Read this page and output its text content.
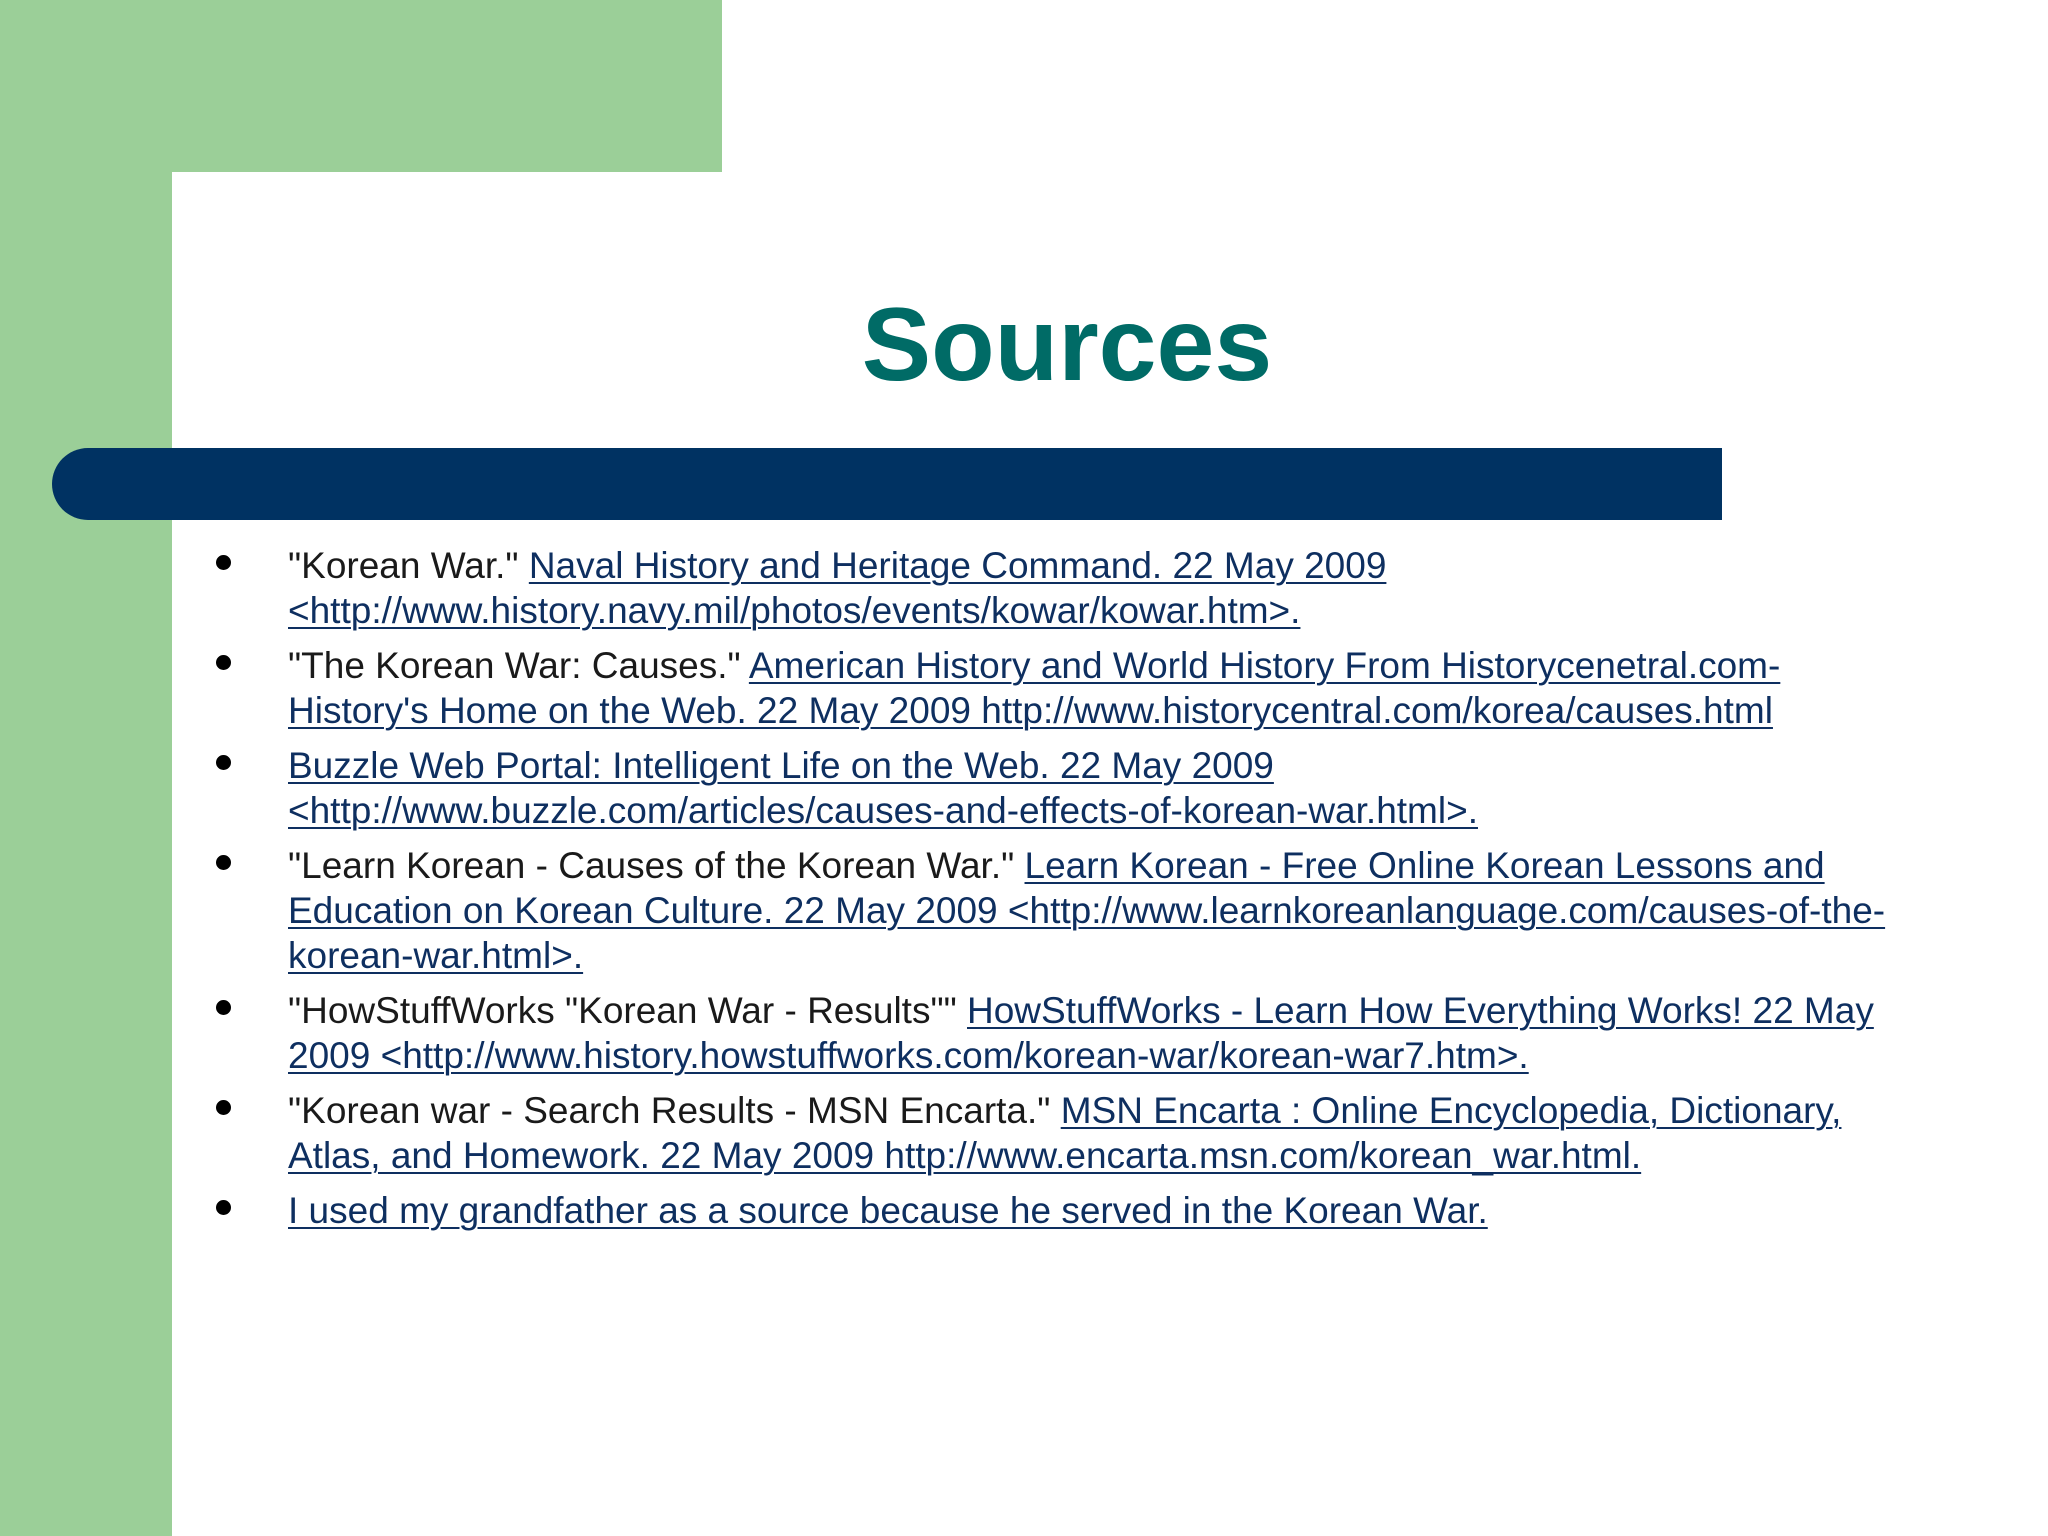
Sources
"Korean War." Naval History and Heritage Command. 22 May 2009 <http://www.history.navy.mil/photos/events/kowar/kowar.htm>.
"The Korean War: Causes." American History and World History From Historycenetral.com- History's Home on the Web. 22 May 2009 http://www.historycentral.com/korea/causes.html
Buzzle Web Portal: Intelligent Life on the Web. 22 May 2009 <http://www.buzzle.com/articles/causes-and-effects-of-korean-war.html>.
"Learn Korean - Causes of the Korean War." Learn Korean - Free Online Korean Lessons and Education on Korean Culture. 22 May 2009 <http://www.learnkoreanlanguage.com/causes-of-the-korean-war.html>.
"HowStuffWorks "Korean War - Results"" HowStuffWorks - Learn How Everything Works! 22 May 2009 <http://www.history.howstuffworks.com/korean-war/korean-war7.htm>.
"Korean war - Search Results - MSN Encarta." MSN Encarta : Online Encyclopedia, Dictionary, Atlas, and Homework. 22 May 2009 http://www.encarta.msn.com/korean_war.html.
I used my grandfather as a source because he served in the Korean War.
